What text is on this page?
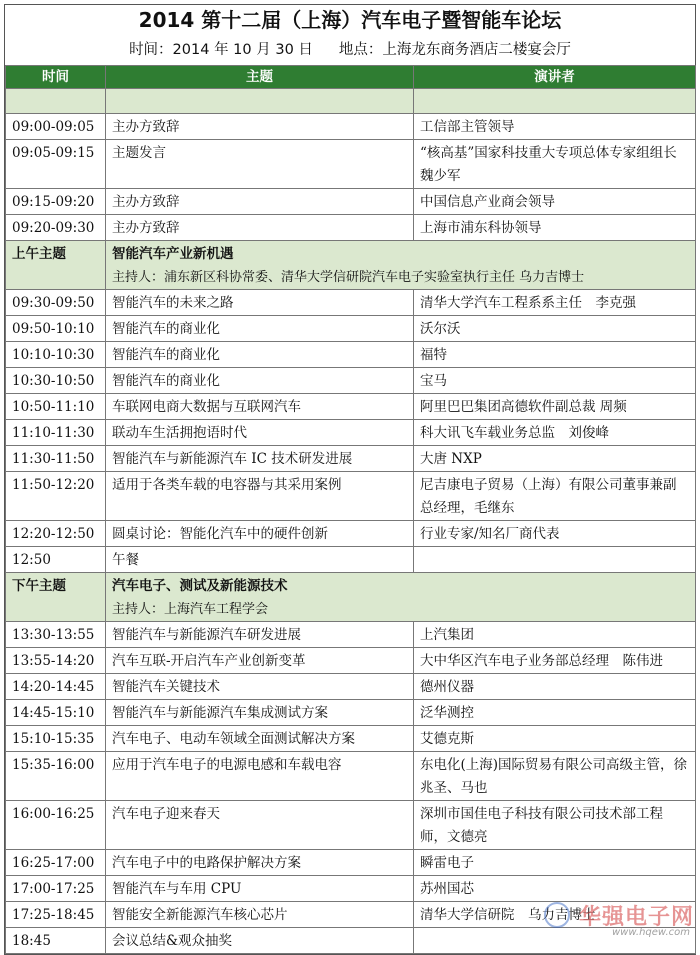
2014 第十二届（上海）汽车电子暨智能车论坛
时间：2014 年 10 月 30 日 地点：上海龙东商务酒店二楼宴会厅
时间	主题	演讲者

09:00-09:05	主办方致辞	工信部主管领导
09:05-09:15	主题发言	“核高基”国家科技重大专项总体专家组组长　魏少军
09:15-09:20	主办方致辞	中国信息产业商会领导
09:20-09:30	主办方致辞	上海市浦东科协领导
上午主题	智能汽车产业新机遇
主持人：浦东新区科协常委、清华大学信研院汽车电子实验室执行主任 乌力吉博士	

09:30-09:50	智能汽车的未来之路	清华大学汽车工程系系主任　李克强
09:50-10:10	智能汽车的商业化	沃尔沃
10:10-10:30	智能汽车的商业化	福特
10:30-10:50	智能汽车的商业化	宝马
10:50-11:10	车联网电商大数据与互联网汽车	阿里巴巴集团高德软件副总裁 周频
11:10-11:30	联动车生活拥抱语时代	科大讯飞车载业务总监　刘俊峰
11:30-11:50	智能汽车与新能源汽车 IC 技术研发进展	大唐 NXP
11:50-12:20	适用于各类车载的电容器与其采用案例	尼吉康电子贸易（上海）有限公司董事兼副总经理，毛继东
12:20-12:50	圆桌讨论：智能化汽车中的硬件创新	行业专家/知名厂商代表
12:50	午餐	
下午主题	汽车电子、测试及新能源技术
主持人：上海汽车工程学会	

13:30-13:55	智能汽车与新能源汽车研发进展	上汽集团
13:55-14:20	汽车互联-开启汽车产业创新变革	大中华区汽车电子业务部总经理　陈伟进
14:20-14:45	智能汽车关键技术	德州仪器
14:45-15:10	智能汽车与新能源汽车集成测试方案	泛华测控
15:10-15:35	汽车电子、电动车领域全面测试解决方案	艾德克斯
15:35-16:00	应用于汽车电子的电源电感和车载电容	东电化(上海)国际贸易有限公司高级主管，徐兆圣、马也
16:00-16:25	汽车电子迎来春天	深圳市国佳电子科技有限公司技术部工程师，文德亮
16:25-17:00	汽车电子中的电路保护解决方案	瞬雷电子
17:00-17:25	智能汽车与车用 CPU	苏州国芯
17:25-18:45	智能安全新能源汽车核心芯片	清华大学信研院　乌力吉博士
18:45	会议总结&观众抽奖	
华强电子网
www.hqew.com
